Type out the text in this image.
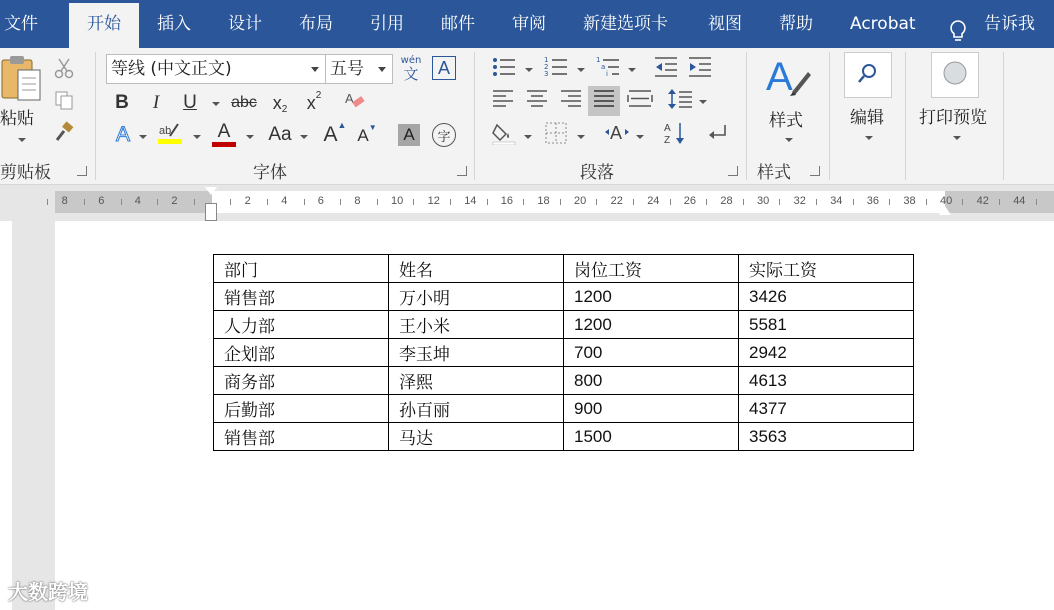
文件	开始	插入 设计 布局 引用 邮件 审阅 新建选项卡 视图 帮助 Acrobat	告诉我
粘贴
剪贴板
等线 (中文正文)	五号	wén
文	A
B	I	U	abc x 2 x 2 A
A	ab A Aa A ▲
A ▼	A	字
字体
1
2
3
1
a
i
A	A
Z
段落
A
样式
样式
编辑 打印预览
8	6	4	2	2	4	6	8	10 12 14 16 18 20 22 24 26 28 30 32 34 36 38 40 42 44
部门	姓名	岗位工资	实际工资
销售部	万小明	1200	3426
人力部	王小米	1200	5581
企划部	李玉坤	700	2942
商务部	泽熙	800	4613
后勤部	孙百丽	900	4377
销售部	马达	1500	3563
大数跨境
